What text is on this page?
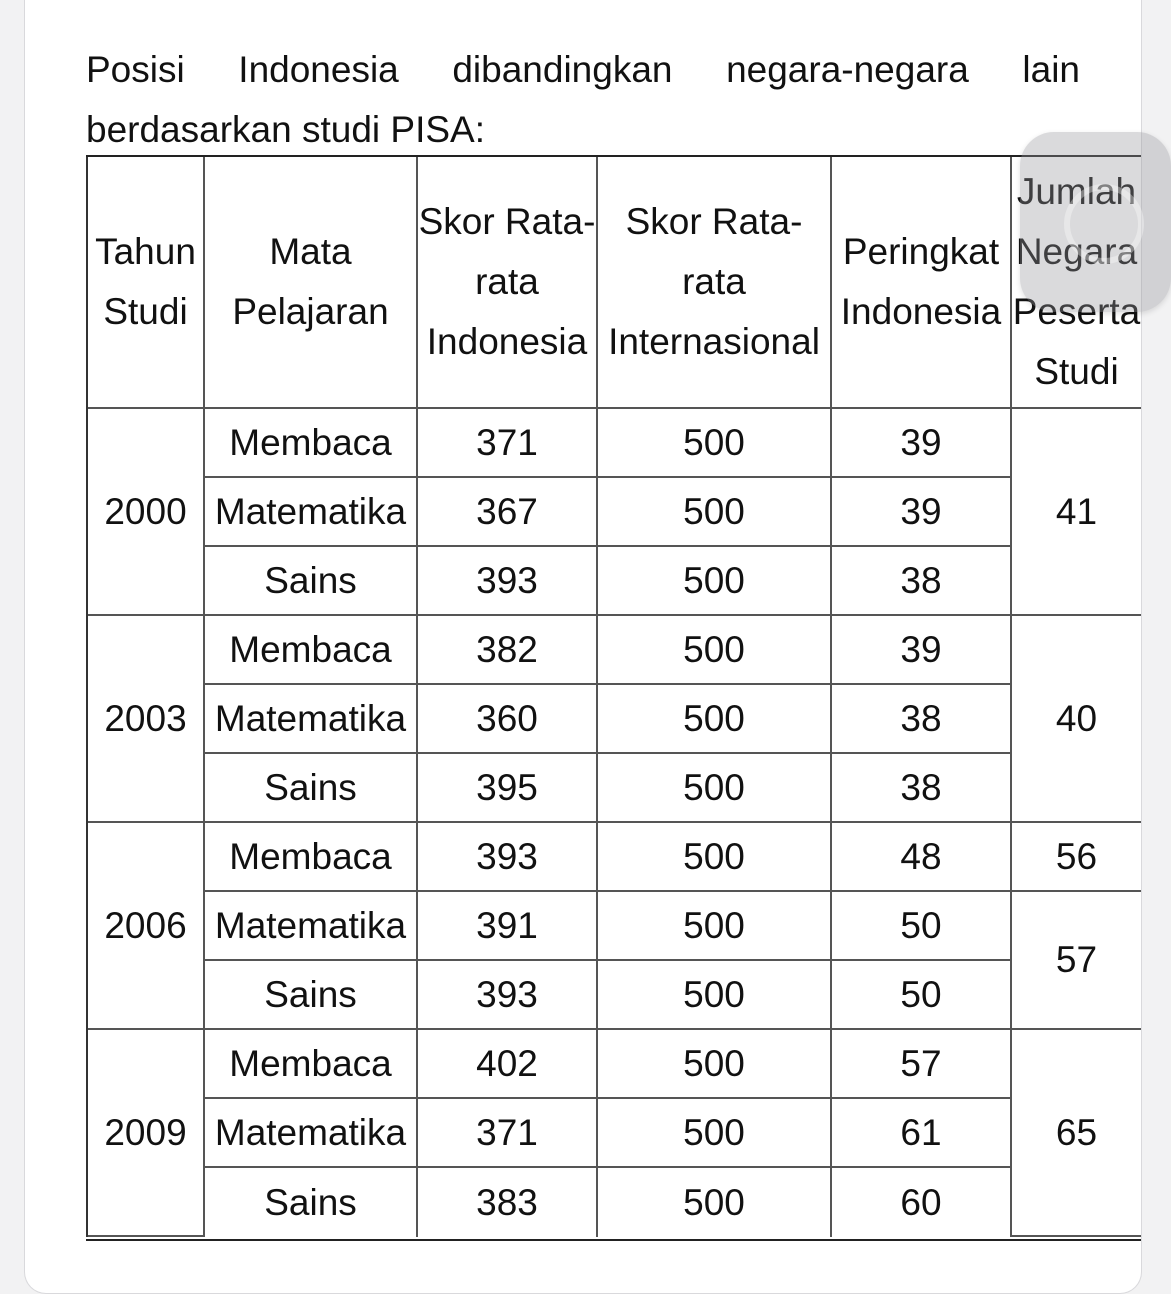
Posisi Indonesia dibandingkan negara-negara lain berdasarkan studi PISA:

Tahun Studi	Mata Pelajaran	Skor Rata-rata Indonesia	Skor Rata-rata Internasional	Peringkat Indonesia	Jumlah Negara Peserta Studi

2000	Membaca	371	500	39	41
	Matematika	367	500	39	
	Sains	393	500	38	
2003	Membaca	382	500	39	40
	Matematika	360	500	38	
	Sains	395	500	38	
2006	Membaca	393	500	48	56
	Matematika	391	500	50	57
	Sains	393	500	50	
2009	Membaca	402	500	57	65
	Matematika	371	500	61	
	Sains	383	500	60	
